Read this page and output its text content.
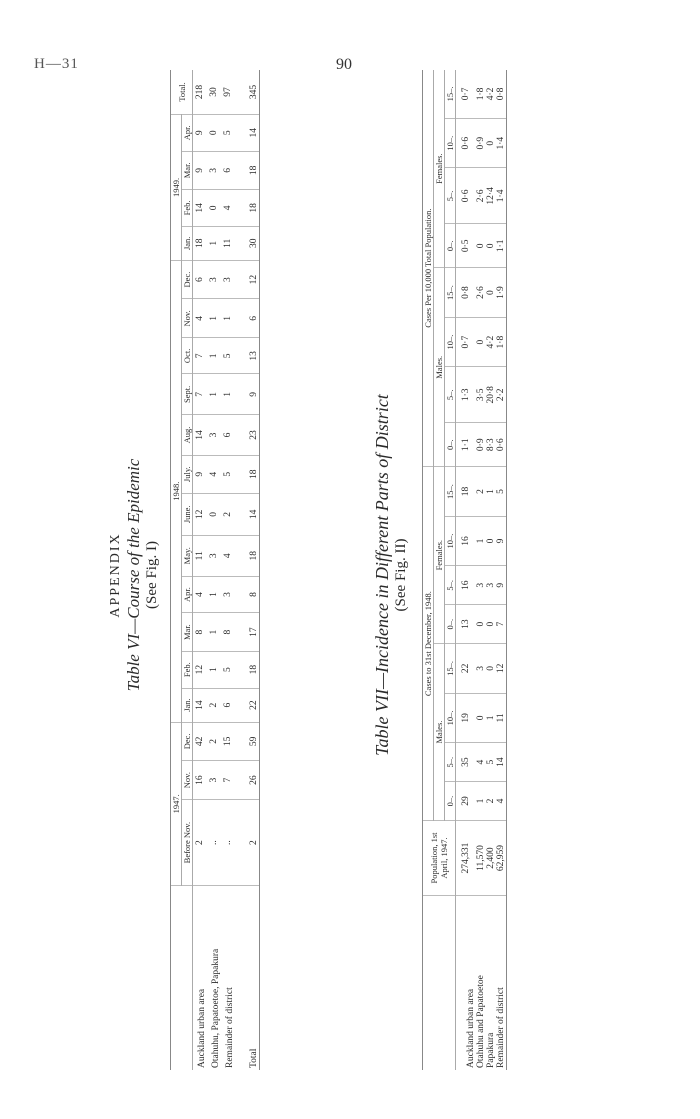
H—31	90
APPENDIX Table VI—Course of the Epidemic (See Fig. I)
	1947.			1948.												1949.				Total.
	Before Nov.	Nov.	Dec.	Jan.	Feb.	Mar.	Apr.	May.	June.	July.	Aug.	Sept.	Oct.	Nov.	Dec.	Jan.	Feb.	Mar.	Apr.	
Auckland urban area	2	16	42	14	12	8	4	11	12	9	14	7	7	4	6	18	14	9	9	218
Otahuhu, Papatoetoe, Papakura	..	3	2	2	1	1	1	3	0	4	3	1	1	1	3	1	0	3	0	30
Remainder of district	..	7	15	6	5	8	3	4	2	5	6	1	5	1	3	11	4	6	5	97
Total	2	26	59	22	18	17	8	18	14	18	23	9	13	6	12	30	18	18	14	345
Table VII—Incidence in Different Parts of District (See Fig. II)
	Population, 1st April, 1947.	Cases to 31st December, 1948.								Cases Per 10,000 Total Population.							
		Males.				Females.				Males.				Females.			
		0–.	5–.	10–.	15–.	0–.	5–.	10–.	15–.	0–.	5–.	10–.	15–.	0–.	5–.	10–.	15–.
Auckland urban area	274,331	29	35	19	22	13	16	16	18	1·1	1·3	0·7	0·8	0·5	0·6	0·6	0·7
Otahuhu and Papatoetoe	11,570	1	4	0	3	0	3	1	2	0·9	3·5	0	2·6	0	2·6	0·9	1·8
Papakura	2,400	2	5	1	0	0	3	0	1	8·3	20·8	4·2	0	0	12·4	0	4·2
Remainder of district	62,959	4	14	11	12	7	9	9	5	0·6	2·2	1·8	1·9	1·1	1·4	1·4	0·8
